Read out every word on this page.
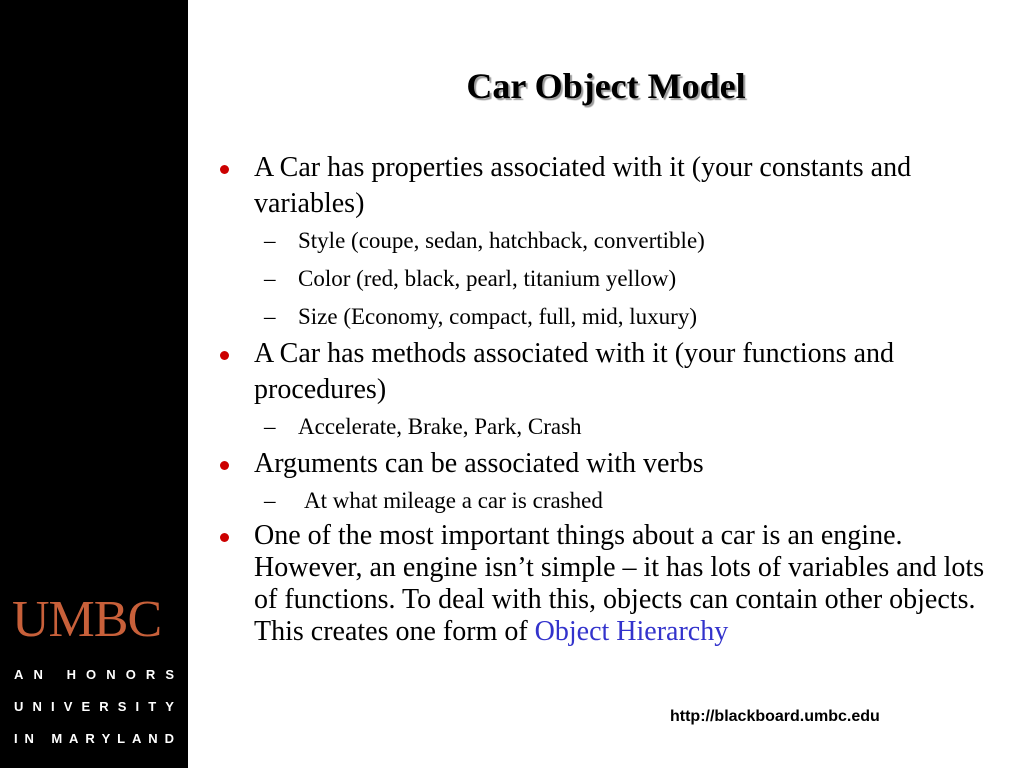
UMBC
A N
H O N O R S
U N I V E R S I T Y
I N
M A R Y L A N D
Car Object Model
A Car has properties associated with it (your constants and variables)
– Style (coupe, sedan, hatchback, convertible)
– Color (red, black, pearl, titanium yellow)
– Size (Economy, compact, full, mid, luxury)
A Car has methods associated with it (your functions and procedures)
– Accelerate, Brake, Park, Crash
Arguments can be associated with verbs
– At what mileage a car is crashed
One of the most important things about a car is an engine. However, an engine isn’t simple – it has lots of variables and lots of functions. To deal with this, objects can contain other objects. This creates one form of Object Hierarchy
http://blackboard.umbc.edu
